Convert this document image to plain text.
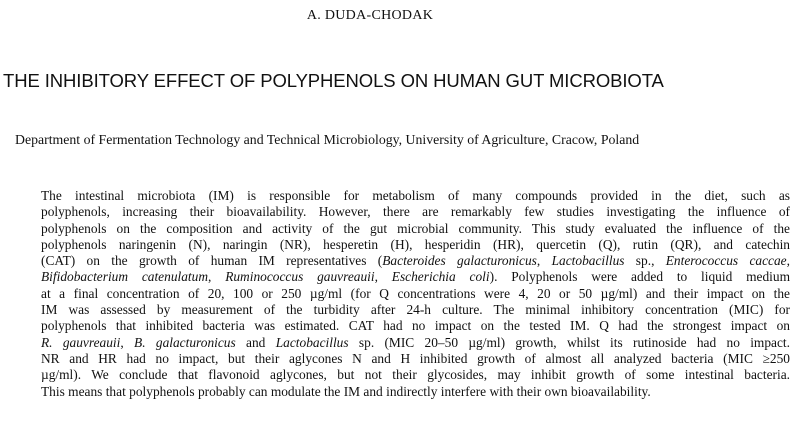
A. DUDA-CHODAK
THE INHIBITORY EFFECT OF POLYPHENOLS ON HUMAN GUT MICROBIOTA
Department of Fermentation Technology and Technical Microbiology, University of Agriculture, Cracow, Poland
The intestinal microbiota (IM) is responsible for metabolism of many compounds provided in the diet, such as
polyphenols, increasing their bioavailability. However, there are remarkably few studies investigating the influence of
polyphenols on the composition and activity of the gut microbial community. This study evaluated the influence of the
polyphenols naringenin (N), naringin (NR), hesperetin (H), hesperidin (HR), quercetin (Q), rutin (QR), and catechin
(CAT) on the growth of human IM representatives (Bacteroides galacturonicus, Lactobacillus sp., Enterococcus caccae,
Bifidobacterium catenulatum, Ruminococcus gauvreauii, Escherichia coli). Polyphenols were added to liquid medium
at a final concentration of 20, 100 or 250 µg/ml (for Q concentrations were 4, 20 or 50 µg/ml) and their impact on the
IM was assessed by measurement of the turbidity after 24-h culture. The minimal inhibitory concentration (MIC) for
polyphenols that inhibited bacteria was estimated. CAT had no impact on the tested IM. Q had the strongest impact on
R. gauvreauii, B. galacturonicus and Lactobacillus sp. (MIC 20–50 µg/ml) growth, whilst its rutinoside had no impact.
NR and HR had no impact, but their aglycones N and H inhibited growth of almost all analyzed bacteria (MIC ≥250
µg/ml). We conclude that flavonoid aglycones, but not their glycosides, may inhibit growth of some intestinal bacteria.
This means that polyphenols probably can modulate the IM and indirectly interfere with their own bioavailability.
